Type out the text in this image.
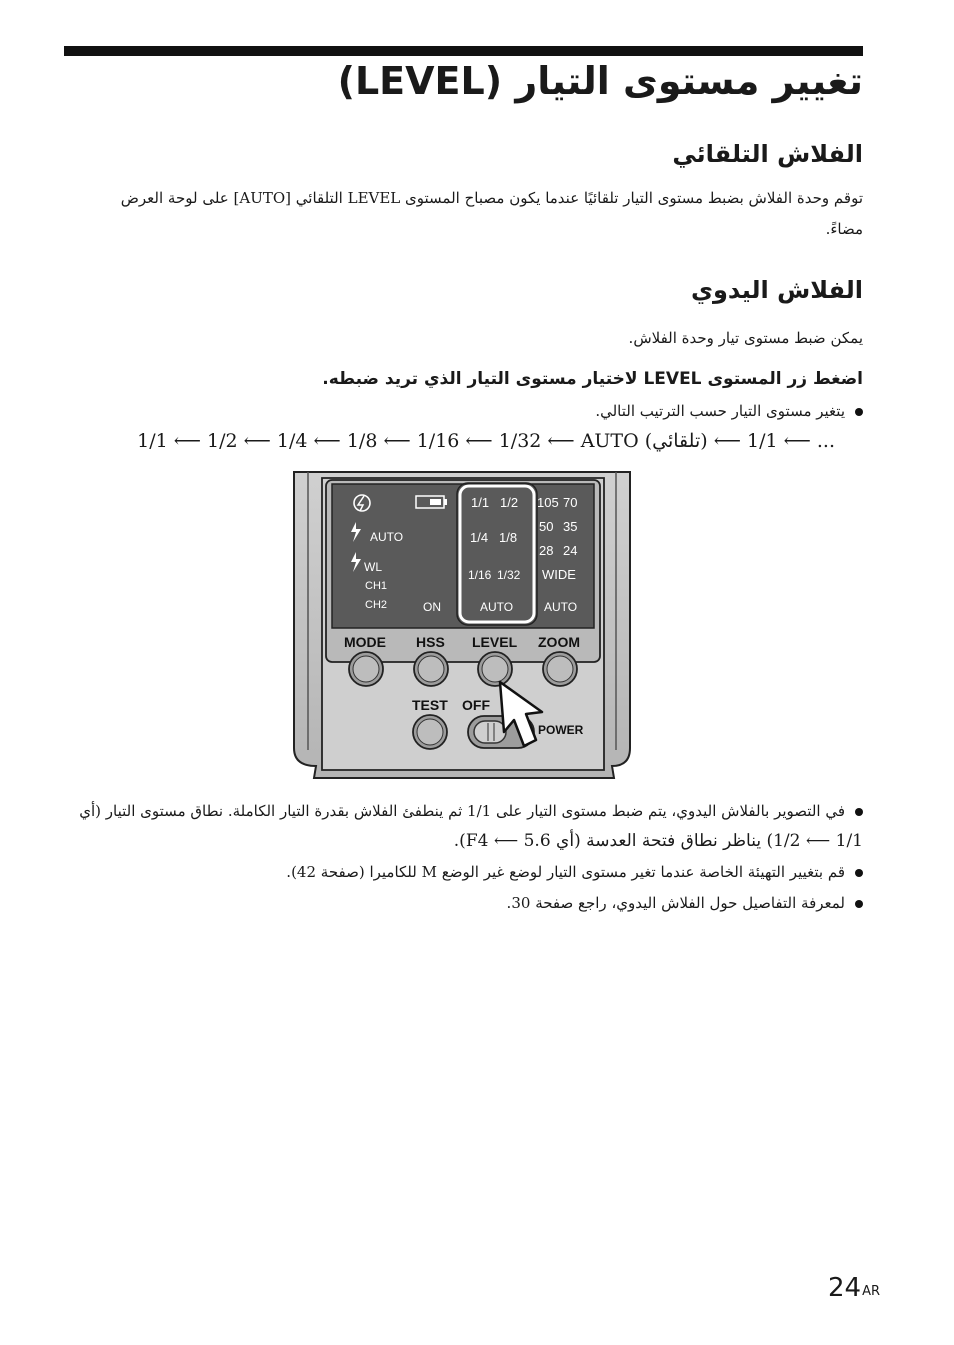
تغيير مستوى التيار (LEVEL)
الفلاش التلقائي
توقم وحدة الفلاش بضبط مستوى التيار تلقائيًا عندما يكون مصباح المستوى LEVEL التلقائي [AUTO] على لوحة العرض
مضاءً.
الفلاش اليدوي
يمكن ضبط مستوى تيار وحدة الفلاش.
اضغط زر المستوى LEVEL لاختيار مستوى التيار الذي تريد ضبطه.
يتغير مستوى التيار حسب الترتيب التالي.
1/1 ⟵ 1/2 ⟵ 1/4 ⟵ 1/8 ⟵ 1/16 ⟵ 1/32 ⟵ AUTO (تلقائي) ⟵ 1/1 ⟵ ...
AUTO
WL
CH1
CH2	ON
1/1 1/2
1/4 1/8
1/16 1/32
AUTO
105 70
50 35
28 24
WIDE
AUTO
MODE HSS LEVEL ZOOM
TEST OFF
POWER
في التصوير بالفلاش اليدوي، يتم ضبط مستوى التيار على 1/1 ثم ينطفئ الفلاش بقدرة التيار الكاملة. نطاق مستوى التيار (أي
1/1 ⟵ 1/2) يناظر نطاق فتحة العدسة (أي F4 ⟵ 5.6).
قم بتغيير التهيئة الخاصة عندما تغير مستوى التيار لوضع غير الوضع M للكاميرا (صفحة 42).
لمعرفة التفاصيل حول الفلاش اليدوي، راجع صفحة 30.
$24^{AR}$
